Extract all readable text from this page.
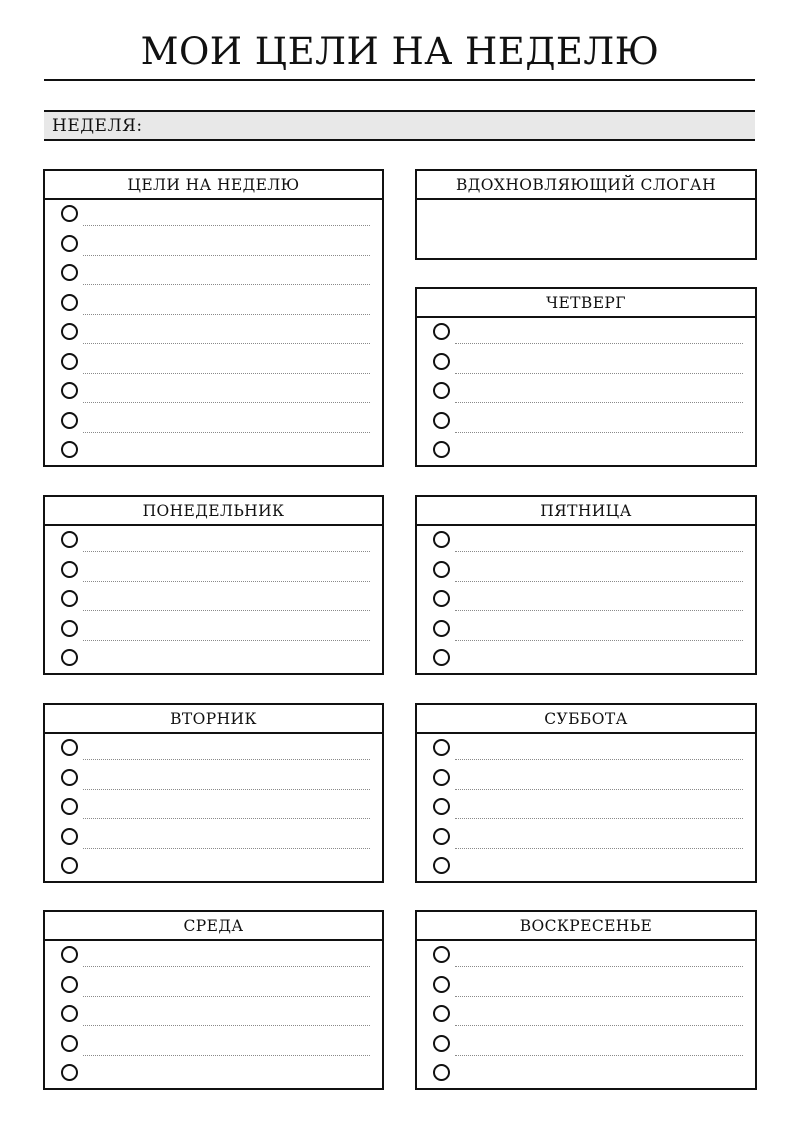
МОИ ЦЕЛИ НА НЕДЕЛЮ
НЕДЕЛЯ:
ЦЕЛИ НА НЕДЕЛЮ	ВДОХНОВЛЯЮЩИЙ СЛОГАН
ЧЕТВЕРГ
ПОНЕДЕЛЬНИК	ПЯТНИЦА
ВТОРНИК	СУББОТА
СРЕДА	ВОСКРЕСЕНЬЕ
